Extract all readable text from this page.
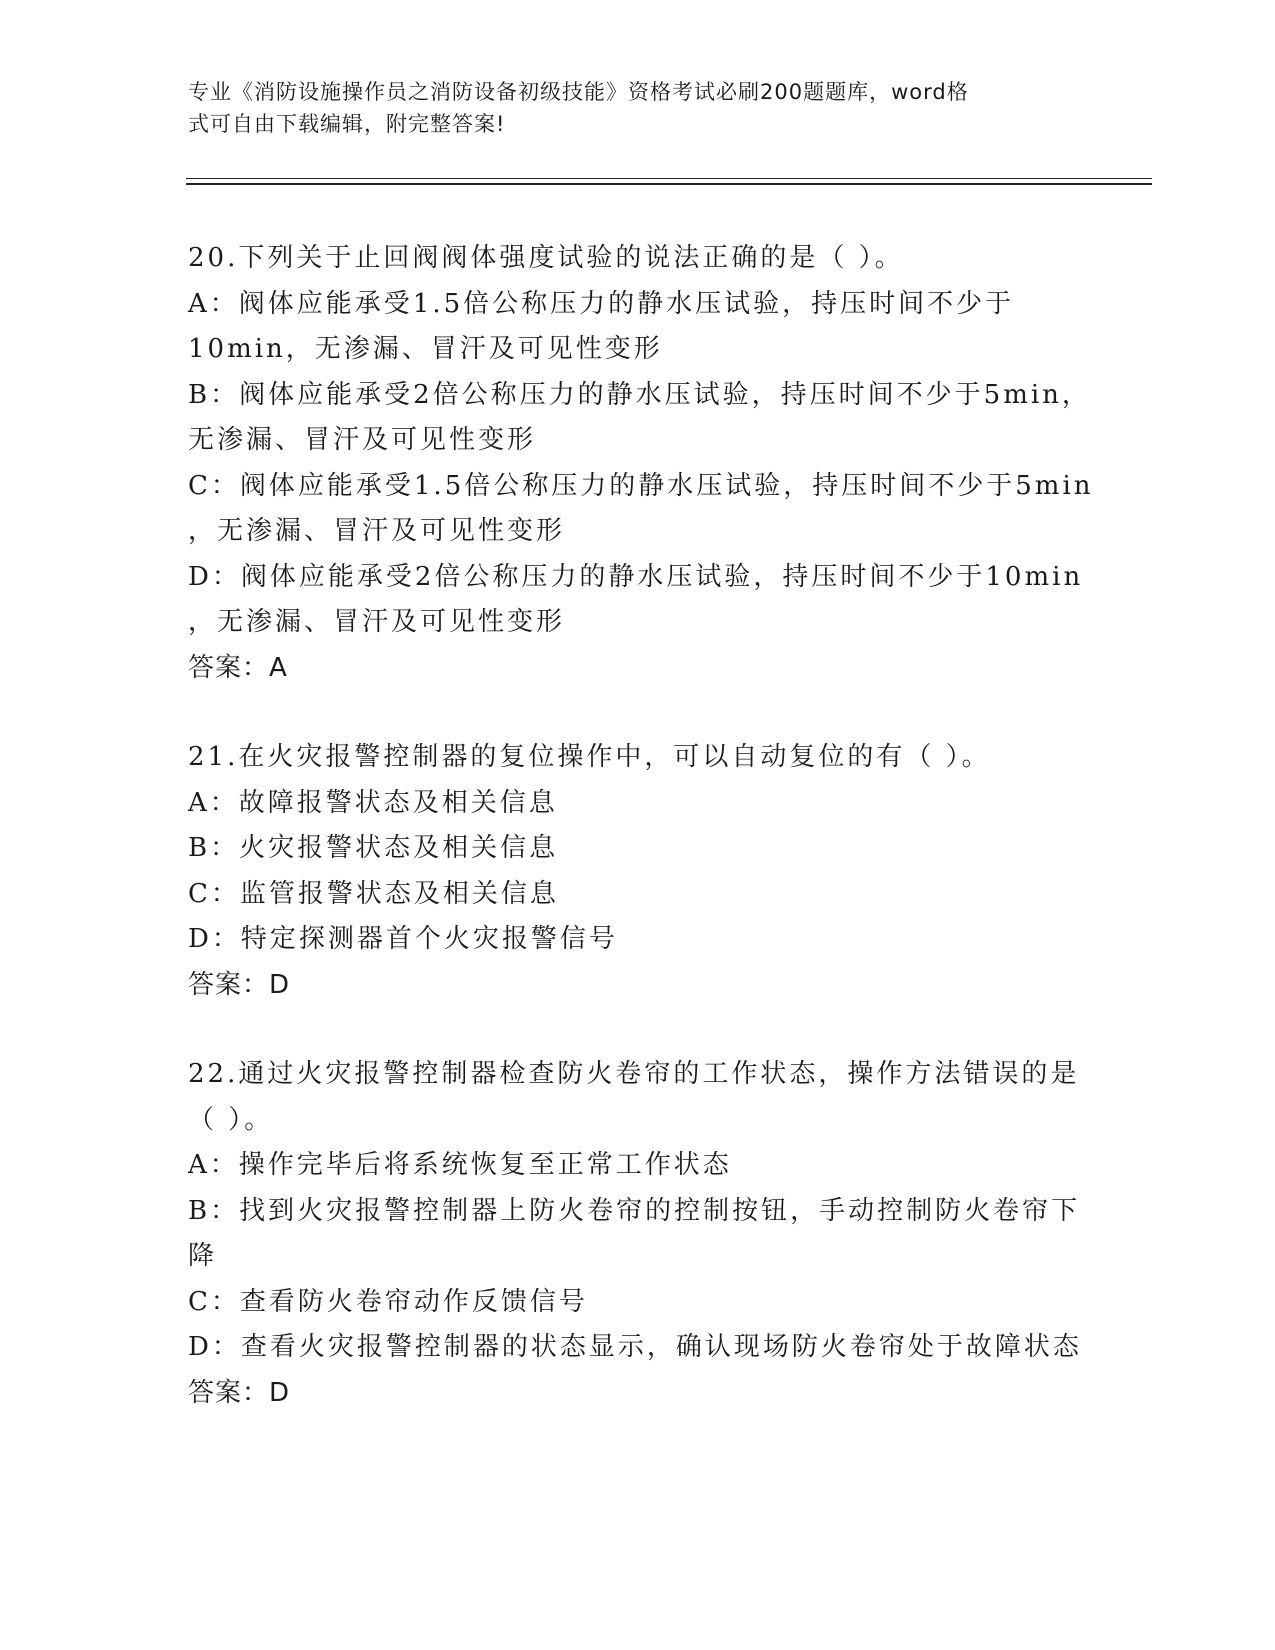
专业《消防设施操作员之消防设备初级技能》资格考试必刷200题题库，word格
式可自由下载编辑，附完整答案!
20.下列关于止回阀阀体强度试验的说法正确的是（ ）。
A：阀体应能承受1.5倍公称压力的静水压试验，持压时间不少于
10min，无渗漏、冒汗及可见性变形
B：阀体应能承受2倍公称压力的静水压试验，持压时间不少于5min，
无渗漏、冒汗及可见性变形
C：阀体应能承受1.5倍公称压力的静水压试验，持压时间不少于5min
，无渗漏、冒汗及可见性变形
D：阀体应能承受2倍公称压力的静水压试验，持压时间不少于10min
，无渗漏、冒汗及可见性变形
答案：A
21.在火灾报警控制器的复位操作中，可以自动复位的有（ ）。
A：故障报警状态及相关信息
B：火灾报警状态及相关信息
C：监管报警状态及相关信息
D：特定探测器首个火灾报警信号
答案：D
22.通过火灾报警控制器检查防火卷帘的工作状态，操作方法错误的是
（ ）。
A：操作完毕后将系统恢复至正常工作状态
B：找到火灾报警控制器上防火卷帘的控制按钮，手动控制防火卷帘下
降
C：查看防火卷帘动作反馈信号
D：查看火灾报警控制器的状态显示，确认现场防火卷帘处于故障状态
答案：D
